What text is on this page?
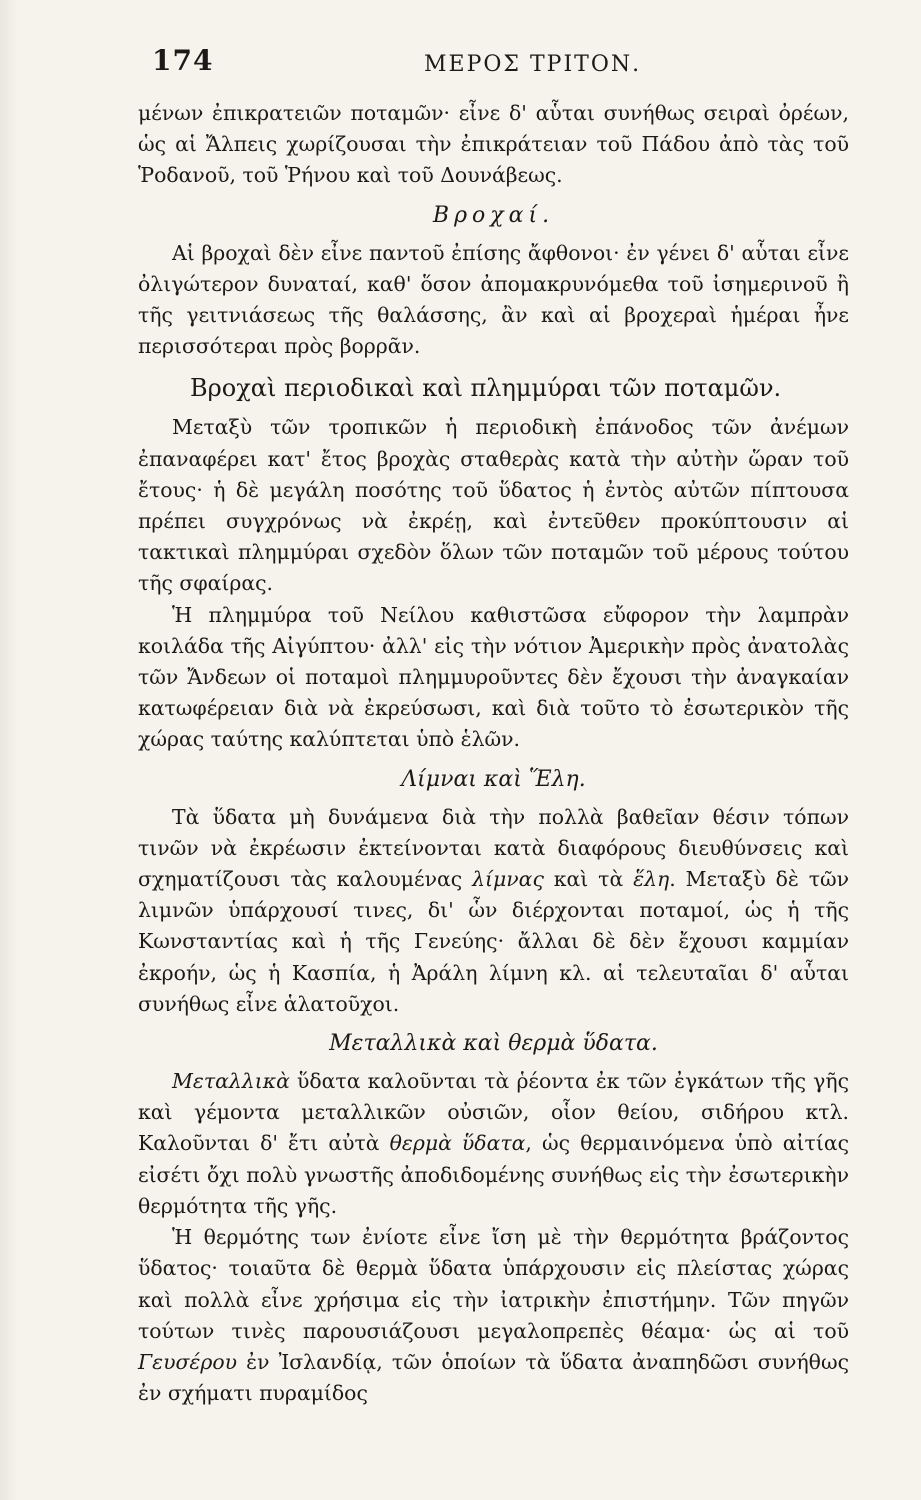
174	ΜΕΡΟΣ ΤΡΙΤΟΝ.

μένων ἐπικρατειῶν ποταμῶν· εἶνε δ' αὗται συνήθως σειραὶ ὀρέων, ὡς αἱ Ἄλπεις χωρίζουσαι τὴν ἐπικράτειαν τοῦ Πάδου ἀπὸ τὰς τοῦ Ῥοδανοῦ, τοῦ Ῥήνου καὶ τοῦ Δουνάβεως.

Βροχαί.

Αἱ βροχαὶ δὲν εἶνε παντοῦ ἐπίσης ἄφθονοι· ἐν γένει δ' αὗται εἶνε ὀλιγώτερον δυναταί, καθ' ὅσον ἀπομακρυνόμεθα τοῦ ἰσημερινοῦ ἢ τῆς γειτνιάσεως τῆς θαλάσσης, ἂν καὶ αἱ βροχεραὶ ἡμέραι ἦνε περισσότεραι πρὸς βορρᾶν.

Βροχαὶ περιοδικαὶ καὶ πλημμύραι τῶν ποταμῶν.

Μεταξὺ τῶν τροπικῶν ἡ περιοδικὴ ἐπάνοδος τῶν ἀνέμων ἐπαναφέρει κατ' ἔτος βροχὰς σταθερὰς κατὰ τὴν αὐτὴν ὥραν τοῦ ἔτους· ἡ δὲ μεγάλη ποσότης τοῦ ὕδατος ἡ ἐντὸς αὐτῶν πίπτουσα πρέπει συγχρόνως νὰ ἐκρέῃ, καὶ ἐντεῦθεν προκύπτουσιν αἱ τακτικαὶ πλημμύραι σχεδὸν ὅλων τῶν ποταμῶν τοῦ μέρους τούτου τῆς σφαίρας.

Ἡ πλημμύρα τοῦ Νείλου καθιστῶσα εὔφορον τὴν λαμπρὰν κοιλάδα τῆς Αἰγύπτου· ἀλλ' εἰς τὴν νότιον Ἀμερικὴν πρὸς ἀνατολὰς τῶν Ἄνδεων οἱ ποταμοὶ πλημμυροῦντες δὲν ἔχουσι τὴν ἀναγκαίαν κατωφέρειαν διὰ νὰ ἐκρεύσωσι, καὶ διὰ τοῦτο τὸ ἐσωτερικὸν τῆς χώρας ταύτης καλύπτεται ὑπὸ ἑλῶν.

Λίμναι καὶ Ἕλη.

Τὰ ὕδατα μὴ δυνάμενα διὰ τὴν πολλὰ βαθεῖαν θέσιν τόπων τινῶν νὰ ἐκρέωσιν ἐκτείνονται κατὰ διαφόρους διευθύνσεις καὶ σχηματίζουσι τὰς καλουμένας λίμνας καὶ τὰ ἕλη. Μεταξὺ δὲ τῶν λιμνῶν ὑπάρχουσί τινες, δι' ὧν διέρχονται ποταμοί, ὡς ἡ τῆς Κωνσταντίας καὶ ἡ τῆς Γενεύης· ἄλλαι δὲ δὲν ἔχουσι καμμίαν ἐκροήν, ὡς ἡ Κασπία, ἡ Ἀράλη λίμνη κλ. αἱ τελευταῖαι δ' αὗται συνήθως εἶνε ἁλατοῦχοι.

Μεταλλικὰ καὶ θερμὰ ὕδατα.

Μεταλλικὰ ὕδατα καλοῦνται τὰ ῥέοντα ἐκ τῶν ἐγκάτων τῆς γῆς καὶ γέμοντα μεταλλικῶν οὐσιῶν, οἷον θείου, σιδήρου κτλ. Καλοῦνται δ' ἔτι αὐτὰ θερμὰ ὕδατα, ὡς θερμαινόμενα ὑπὸ αἰτίας εἰσέτι ὄχι πολὺ γνωστῆς ἀποδιδομένης συνήθως εἰς τὴν ἐσωτερικὴν θερμότητα τῆς γῆς.

Ἡ θερμότης των ἐνίοτε εἶνε ἴση μὲ τὴν θερμότητα βράζοντος ὕδατος· τοιαῦτα δὲ θερμὰ ὕδατα ὑπάρχουσιν εἰς πλείστας χώρας καὶ πολλὰ εἶνε χρήσιμα εἰς τὴν ἰατρικὴν ἐπιστήμην. Τῶν πηγῶν τούτων τινὲς παρουσιάζουσι μεγαλοπρεπὲς θέαμα· ὡς αἱ τοῦ Γευσέρου ἐν Ἰσλανδίᾳ, τῶν ὁποίων τὰ ὕδατα ἀναπηδῶσι συνήθως ἐν σχήματι πυραμίδος
